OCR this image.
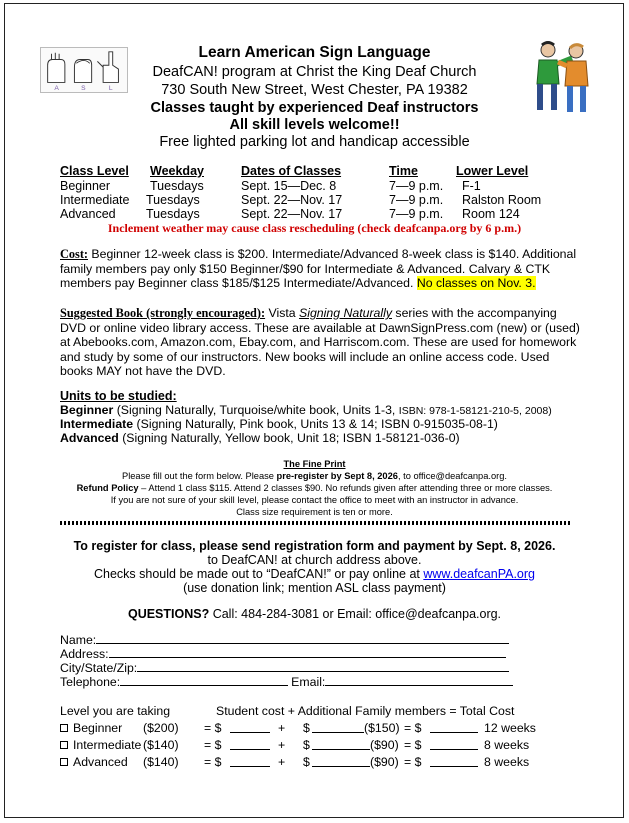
A	S	L
Learn American Sign Language
DeafCAN! program at Christ the King Deaf Church
730 South New Street, West Chester, PA 19382
Classes taught by experienced Deaf instructors
All skill levels welcome!!
Free lighted parking lot and handicap accessible
Class Level Weekday	Dates of Classes	Time	Lower Level
Beginner	Tuesdays	Sept. 15—Dec. 8	7—9 p.m. F-1
Intermediate Tuesdays	Sept. 22—Nov. 17	7—9 p.m. Ralston Room
Advanced Tuesdays	Sept. 22—Nov. 17	7—9 p.m. Room 124
Inclement weather may cause class rescheduling (check deafcanpa.org by 6 p.m.)
Cost: Beginner 12-week class is $200. Intermediate/Advanced 8-week class is $140. Additional family members pay only $150 Beginner/$90 for Intermediate & Advanced. Calvary & CTK members pay Beginner class $185/$125 Intermediate/Advanced. No classes on Nov. 3.
Suggested Book (strongly encouraged): Vista Signing Naturally series with the accompanying DVD or online video library access. These are available at DawnSignPress.com (new) or (used) at Abebooks.com, Amazon.com, Ebay.com, and Harriscom.com. These are used for homework and study by some of our instructors. New books will include an online access code. Used books MAY not have the DVD.
Units to be studied:
Beginner (Signing Naturally, Turquoise/white book, Units 1-3, ISBN: 978-1-58121-210-5, 2008)
Intermediate (Signing Naturally, Pink book, Units 13 & 14; ISBN 0-915035-08-1)
Advanced (Signing Naturally, Yellow book, Unit 18; ISBN 1-58121-036-0)
The Fine Print
Please fill out the form below. Please pre-register by Sept 8, 2026, to office@deafcanpa.org.
Refund Policy – Attend 1 class $115. Attend 2 classes $90. No refunds given after attending three or more classes.
If you are not sure of your skill level, please contact the office to meet with an instructor in advance.
Class size requirement is ten or more.
To register for class, please send registration form and payment by Sept. 8, 2026.
to DeafCAN! at church address above.
Checks should be made out to “DeafCAN!” or pay online at www.deafcanPA.org
(use donation link; mention ASL class payment)
QUESTIONS? Call: 484-284-3081 or Email: office@deafcanpa.org.
Name:
Address:
City/State/Zip:
Telephone:	Email:
Level you are taking	Student cost + Additional Family members = Total Cost
Beginner ($200) = $	+ $	($150) = $	12 weeks
Intermediate ($140) = $	+ $	($90) = $	8 weeks
Advanced ($140) = $	+ $	($90) = $	8 weeks
